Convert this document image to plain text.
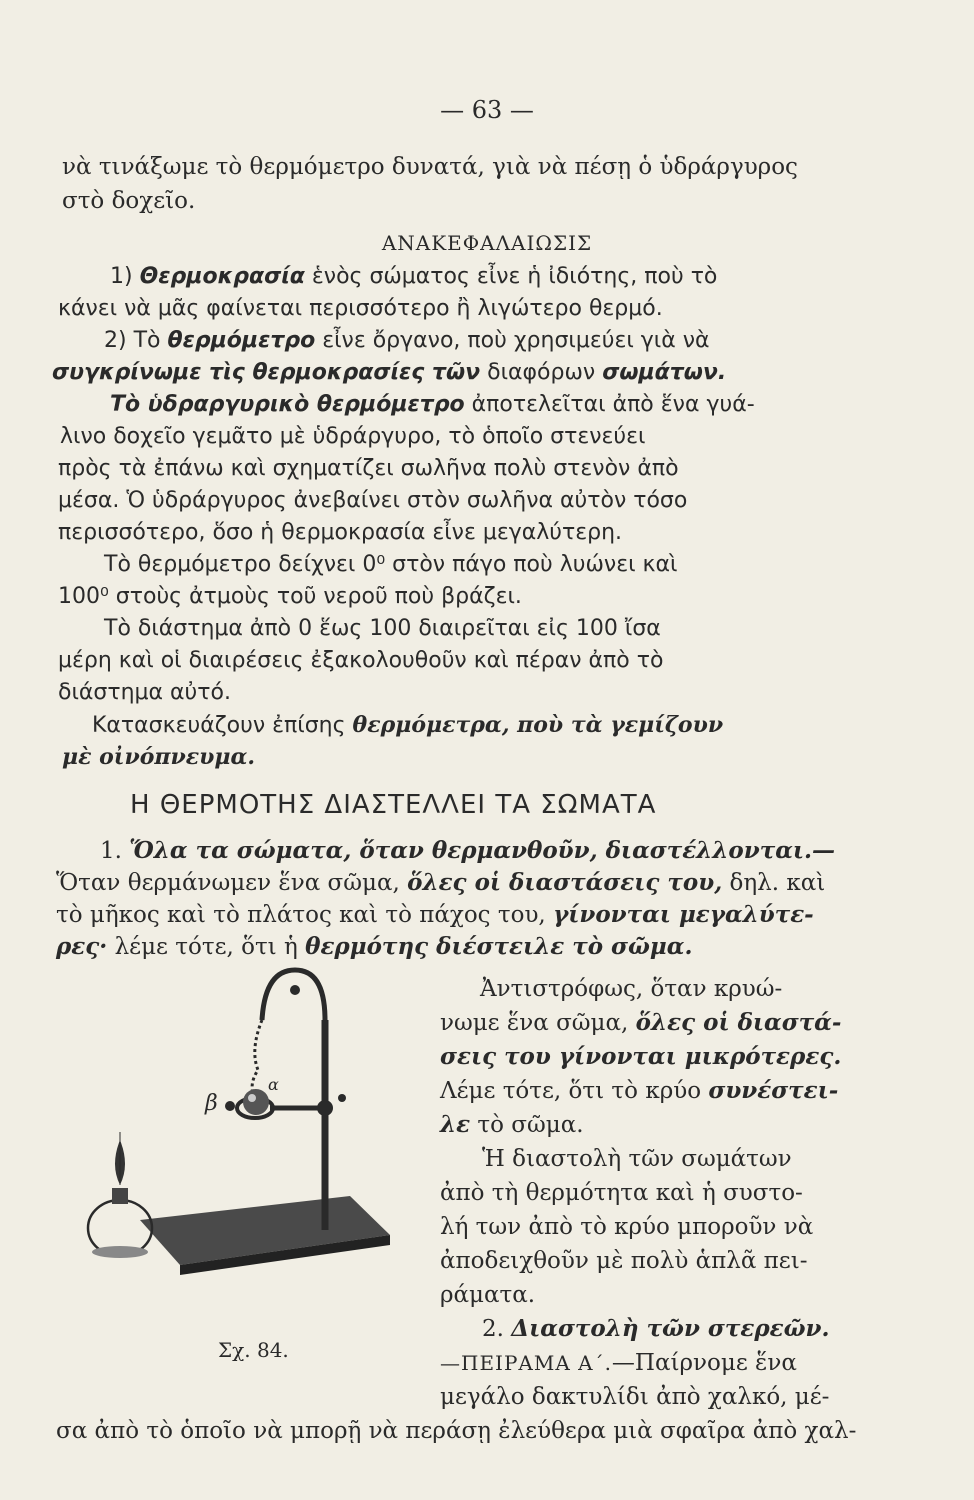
— 63 —
νὰ τινάξωμε τὸ θερμόμετρο δυνατά, γιὰ νὰ πέσῃ ὁ ὑδράργυρος
στὸ δοχεῖο.
ΑΝΑΚΕΦΑΛΑΙΩΣΙΣ
1) Θερμοκρασία ἑνὸς σώματος εἶνε ἡ ἰδιότης, ποὺ τὸ
κάνει νὰ μᾶς φαίνεται περισσότερο ἢ λιγώτερο θερμό.
2) Τὸ θερμόμετρο εἶνε ὄργανο, ποὺ χρησιμεύει γιὰ νὰ
συγκρίνωμε τὶς θερμοκρασίες τῶν διαφόρων σωμάτων.
Τὸ ὑδραργυρικὸ θερμόμετρο ἀποτελεῖται ἀπὸ ἕνα γυά-
λινο δοχεῖο γεμᾶτο μὲ ὑδράργυρο, τὸ ὁποῖο στενεύει
πρὸς τὰ ἐπάνω καὶ σχηματίζει σωλῆνα πολὺ στενὸν ἀπὸ
μέσα. Ὁ ὑδράργυρος ἀνεβαίνει στὸν σωλῆνα αὐτὸν τόσο
περισσότερο, ὅσο ἡ θερμοκρασία εἶνε μεγαλύτερη.
Τὸ θερμόμετρο δείχνει 0⁰ στὸν πάγο ποὺ λυώνει καὶ
100⁰ στοὺς ἀτμοὺς τοῦ νεροῦ ποὺ βράζει.
Τὸ διάστημα ἀπὸ 0 ἕως 100 διαιρεῖται εἰς 100 ἴσα
μέρη καὶ οἱ διαιρέσεις ἐξακολουθοῦν καὶ πέραν ἀπὸ τὸ
διάστημα αὐτό.
Κατασκευάζουν ἐπίσης θερμόμετρα, ποὺ τὰ γεμίζουν
μὲ οἰνόπνευμα.
Η ΘΕΡΜΟΤΗΣ ΔΙΑΣΤΕΛΛΕΙ ΤΑ ΣΩΜΑΤΑ
1. Ὅλα τα σώματα, ὅταν θερμανθοῦν, διαστέλλονται.—
Ὅταν θερμάνωμεν ἕνα σῶμα, ὅλες οἱ διαστάσεις του, δηλ. καὶ
τὸ μῆκος καὶ τὸ πλάτος καὶ τὸ πάχος του, γίνονται μεγαλύτε-
ρες· λέμε τότε, ὅτι ἡ θερμότης διέστειλε τὸ σῶμα.
Ἀντιστρόφως, ὅταν κρυώ-
νωμε ἕνα σῶμα, ὅλες οἱ διαστά-
σεις του γίνονται μικρότερες.
Λέμε τότε, ὅτι τὸ κρύο συνέστει-
λε τὸ σῶμα.
Ἡ διαστολὴ τῶν σωμάτων
ἀπὸ τὴ θερμότητα καὶ ἡ συστο-
λή των ἀπὸ τὸ κρύο μποροῦν νὰ
ἀποδειχθοῦν μὲ πολὺ ἁπλᾶ πει-
ράματα.
2. Διαστολὴ τῶν στερεῶν.
—ΠΕΙΡΑΜΑ Α΄.—Παίρνομε ἕνα
μεγάλο δακτυλίδι ἀπὸ χαλκό, μέ-
σα ἀπὸ τὸ ὁποῖο νὰ μπορῇ νὰ περάσῃ ἐλεύθερα μιὰ σφαῖρα ἀπὸ χαλ-
β
α
Σχ. 84.
